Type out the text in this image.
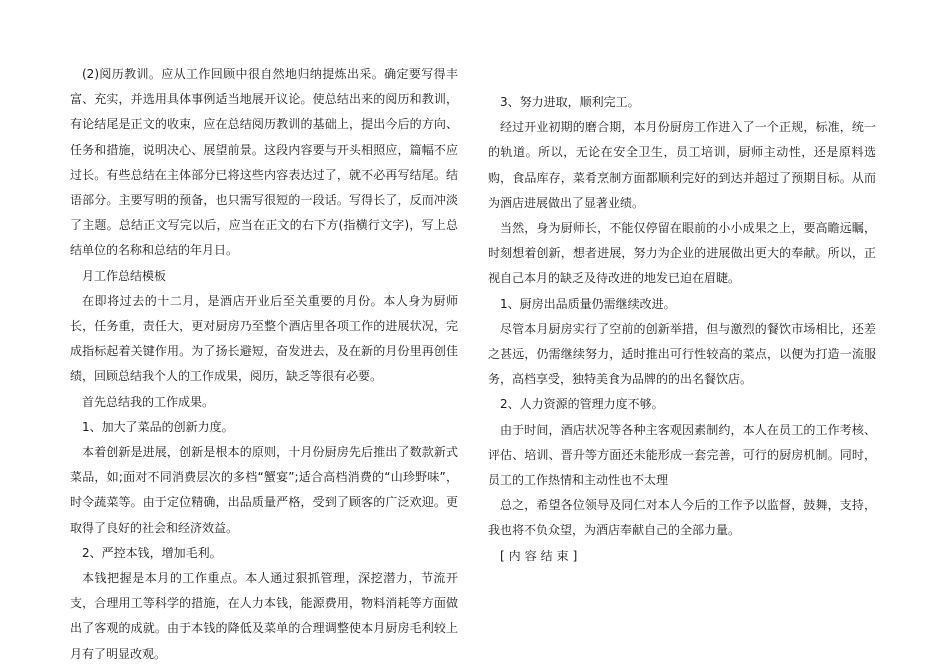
(2)阅历教训。应从工作回顾中很自然地归纳提炼出采。确定要写得丰富、充实，并选用具体事例适当地展开议论。使总结出来的阅历和教训，有论结尾是正文的收束，应在总结阅历教训的基础上，提出今后的方向、任务和措施，说明决心、展望前景。这段内容要与开头相照应，篇幅不应过长。有些总结在主体部分已将这些内容表达过了，就不必再写结尾。结语部分。主要写明的预备，也只需写很短的一段话。写得长了，反而冲淡了主题。总结正文写完以后，应当在正文的右下方(指横行文字)，写上总结单位的名称和总结的年月日。

月工作总结模板

在即将过去的十二月，是酒店开业后至关重要的月份。本人身为厨师长，任务重，责任大，更对厨房乃至整个酒店里各项工作的进展状况，完成指标起着关键作用。为了扬长避短，奋发进去，及在新的月份里再创佳绩，回顾总结我个人的工作成果，阅历，缺乏等很有必要。

首先总结我的工作成果。

1、加大了菜品的创新力度。

本着创新是进展，创新是根本的原则，十月份厨房先后推出了数款新式菜品，如;面对不同消费层次的多档“蟹宴”;适合高档消费的“山珍野味”，时令蔬菜等。由于定位精确，出品质量严格，受到了顾客的广泛欢迎。更取得了良好的社会和经济效益。

2、严控本钱，增加毛利。

本钱把握是本月的工作重点。本人通过狠抓管理，深挖潜力，节流开支，合理用工等科学的措施，在人力本钱，能源费用，物料消耗等方面做出了客观的成就。由于本钱的降低及菜单的合理调整使本月厨房毛利较上月有了明显改观。

3、努力进取，顺利完工。

经过开业初期的磨合期，本月份厨房工作进入了一个正规，标准，统一的轨道。所以，无论在安全卫生，员工培训，厨师主动性，还是原料选购，食品库存，菜肴烹制方面都顺利完好的到达并超过了预期目标。从而为酒店进展做出了显著业绩。

当然，身为厨师长，不能仅停留在眼前的小小成果之上，要高瞻远瞩，时刻想着创新，想者进展，努力为企业的进展做出更大的奉献。所以，正视自己本月的缺乏及待改进的地发已迫在眉睫。

1、厨房出品质量仍需继续改进。

尽管本月厨房实行了空前的创新举措，但与激烈的餐饮市场相比，还差之甚远，仍需继续努力，适时推出可行性较高的菜点，以便为打造一流服务，高档享受，独特美食为品牌的的出名餐饮店。

2、人力资源的管理力度不够。

由于时间，酒店状况等各种主客观因素制约，本人在员工的工作考核、评估、培训、晋升等方面还未能形成一套完善，可行的厨房机制。同时，员工的工作热情和主动性也不太理

总之，希望各位领导及同仁对本人今后的工作予以监督，鼓舞，支持，我也将不负众望，为酒店奉献自己的全部力量。

[内容结束]
